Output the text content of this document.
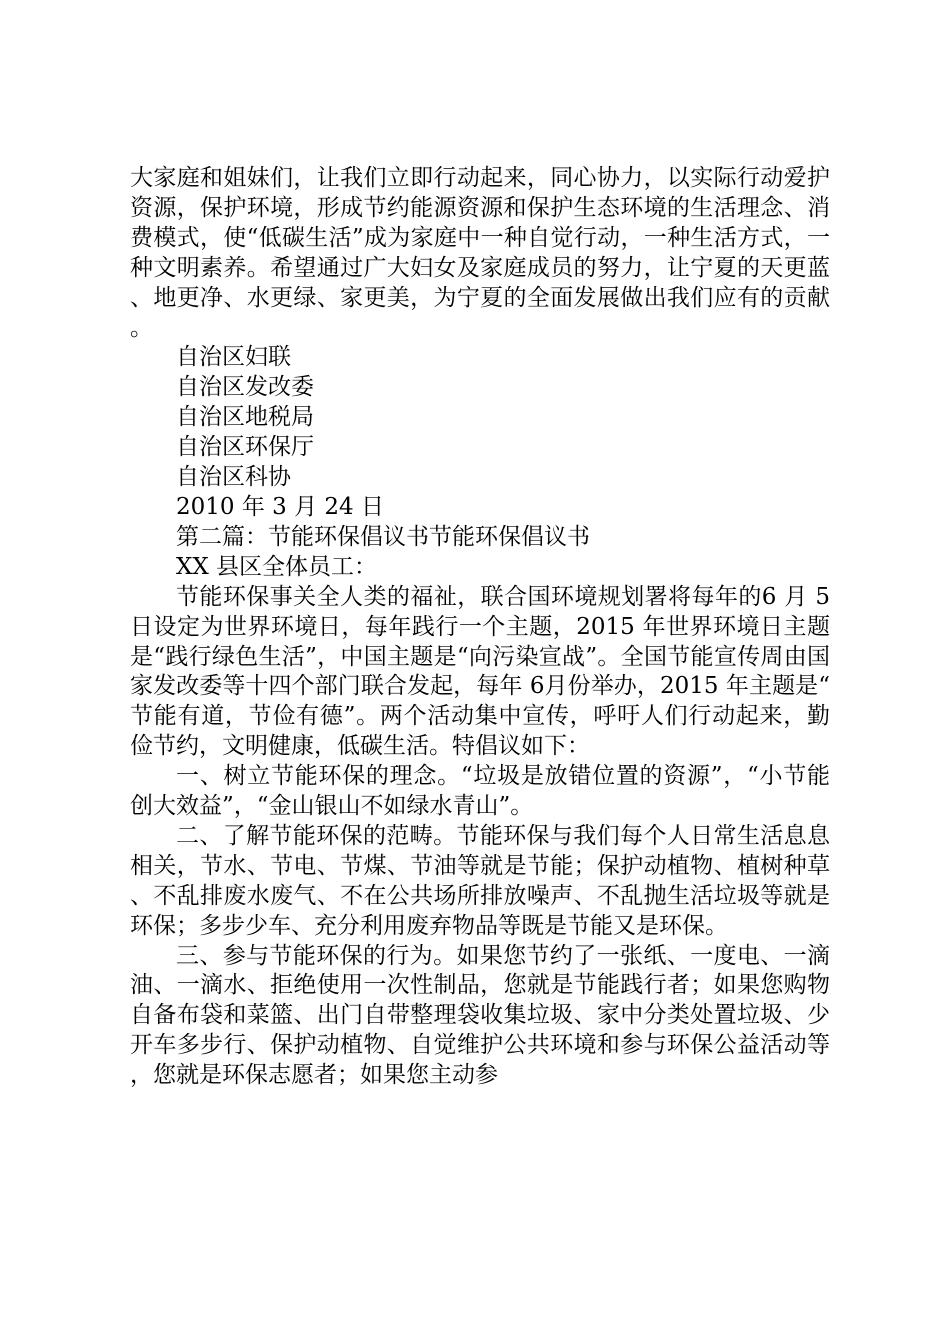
大家庭和姐妹们，让我们立即行动起来，同心协力，以实际行动爱护资源，保护环境，形成节约能源资源和保护生态环境的生活理念、消费模式，使“低碳生活”成为家庭中一种自觉行动，一种生活方式，一种文明素养。希望通过广大妇女及家庭成员的努力，让宁夏的天更蓝、地更净、水更绿、家更美，为宁夏的全面发展做出我们应有的贡献。

自治区妇联

自治区发改委

自治区地税局

自治区环保厅

自治区科协

2010 年 3 月 24 日

第二篇：节能环保倡议书节能环保倡议书

XX 县区全体员工：

节能环保事关全人类的福祉，联合国环境规划署将每年的6 月 5 日设定为世界环境日，每年践行一个主题，2015 年世界环境日主题是“践行绿色生活”，中国主题是“向污染宣战”。全国节能宣传周由国家发改委等十四个部门联合发起，每年 6月份举办，2015 年主题是“节能有道，节俭有德”。两个活动集中宣传，呼吁人们行动起来，勤俭节约，文明健康，低碳生活。特倡议如下：

一、树立节能环保的理念。“垃圾是放错位置的资源”，“小节能创大效益”，“金山银山不如绿水青山”。

二、了解节能环保的范畴。节能环保与我们每个人日常生活息息相关，节水、节电、节煤、节油等就是节能；保护动植物、植树种草、不乱排废水废气、不在公共场所排放噪声、不乱抛生活垃圾等就是环保；多步少车、充分利用废弃物品等既是节能又是环保。

三、参与节能环保的行为。如果您节约了一张纸、一度电、一滴油、一滴水、拒绝使用一次性制品，您就是节能践行者；如果您购物自备布袋和菜篮、出门自带整理袋收集垃圾、家中分类处置垃圾、少开车多步行、保护动植物、自觉维护公共环境和参与环保公益活动等，您就是环保志愿者；如果您主动参
